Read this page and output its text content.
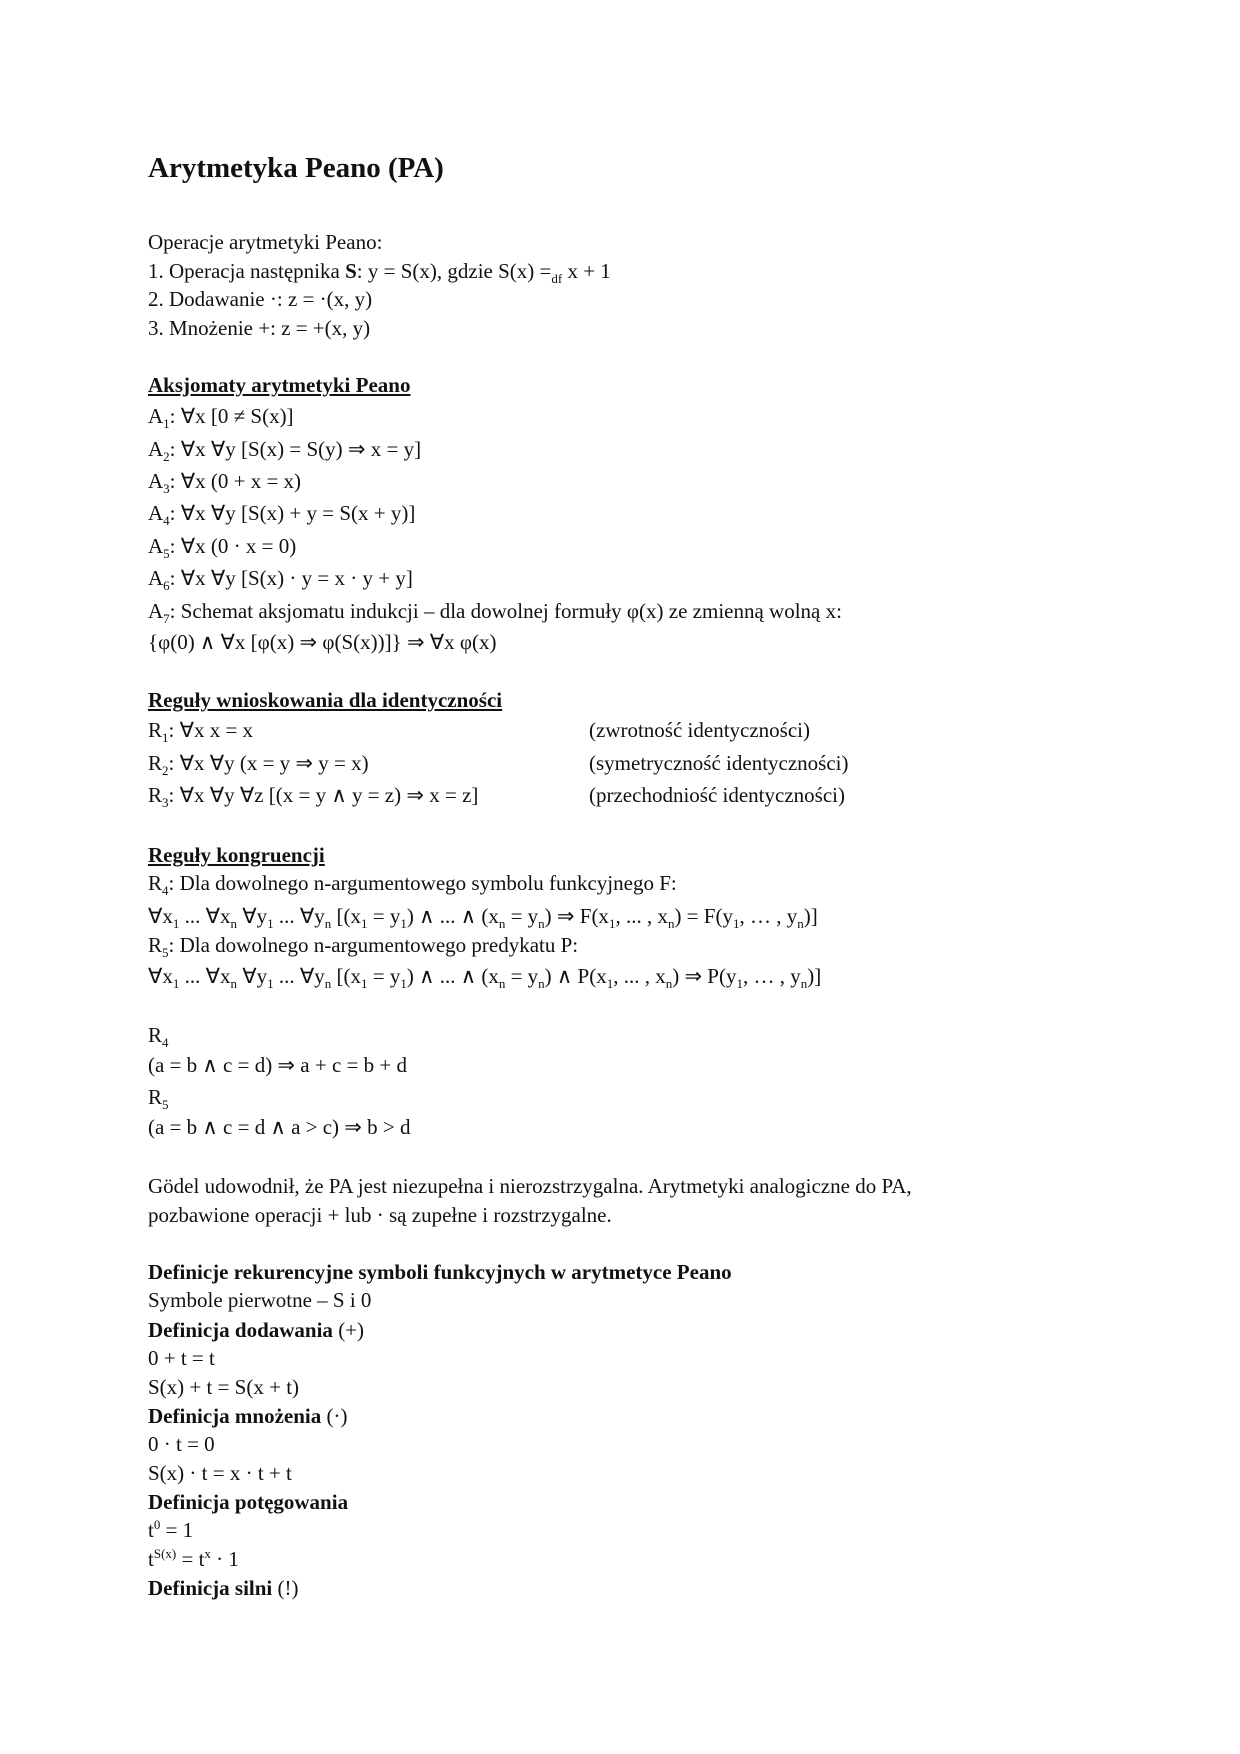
Arytmetyka Peano (PA)
Operacje arytmetyki Peano:
1. Operacja następnika S: y = S(x), gdzie $S(x) =_{df}$ x + 1
2. Dodawanie ·: z = ·(x, y)
3. Mnożenie +: z = +(x, y)
Aksjomaty arytmetyki Peano
$A_1$: ∀x [0 ≠ S(x)]
$A_2$: ∀x ∀y [S(x) = S(y) ⇒ x = y]
$A_3$: ∀x (0 + x = x)
$A_4$: ∀x ∀y [S(x) + y = S(x + y)]
$A_5$: ∀x (0 · x = 0)
$A_6$: ∀x ∀y [S(x) · y = x · y + y]
$A_7$: Schemat aksjomatu indukcji – dla dowolnej formuły φ(x) ze zmienną wolną x:
{φ(0) ∧ ∀x [φ(x) ⇒ φ(S(x))]} ⇒ ∀x φ(x)
Reguły wnioskowania dla identyczności
$R_1$: ∀x x = x	(zwrotność identyczności)
$R_2$: ∀x ∀y (x = y ⇒ y = x)	(symetryczność identyczności)
$R_3$: ∀x ∀y ∀z [(x = y ∧ y = z) ⇒ x = z]	(przechodniość identyczności)
Reguły kongruencji
$R_4$: Dla dowolnego n-argumentowego symbolu funkcyjnego F:
$\forall x_1$ ... $\forall x_n$ $\forall y_1$ ... $\forall y_n$ [$(x_1 = y_1)$ ∧ ... ∧ $(x_n = y_n)$ ⇒ $F(x_1$, ... , $x_n) = F(y_1$, … , $y_n$)]
$R_5$: Dla dowolnego n-argumentowego predykatu P:
$\forall x_1$ ... $\forall x_n$ $\forall y_1$ ... $\forall y_n$ [$(x_1 = y_1)$ ∧ ... ∧ $(x_n = y_n)$ ∧ $P(x_1$, ... , $x_n$) ⇒ $P(y_1$, … , $y_n$)]
$R_4$
(a = b ∧ c = d) ⇒ a + c = b + d
$R_5$
(a = b ∧ c = d ∧ a > c) ⇒ b > d
Gödel udowodnił, że PA jest niezupełna i nierozstrzygalna. Arytmetyki analogiczne do PA,
pozbawione operacji + lub · są zupełne i rozstrzygalne.
Definicje rekurencyjne symboli funkcyjnych w arytmetyce Peano
Symbole pierwotne – S i 0
Definicja dodawania (+)
0 + t = t
S(x) + t = S(x + t)
Definicja mnożenia (·)
0 · t = 0
S(x) · t = x · t + t
Definicja potęgowania
$t^0 = 1$
$t^{S(x)} = t^x \cdot 1$
Definicja silni (!)
